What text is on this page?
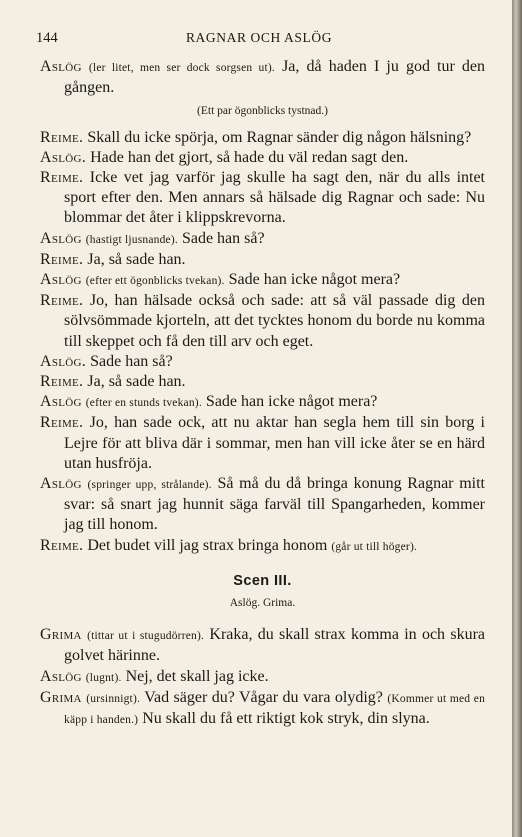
144	RAGNAR OCH ASLÖG

Aslög (ler litet, men ser dock sorgsen ut). Ja, då haden I ju god tur den gången.

(Ett par ögonblicks tystnad.)

Reime. Skall du icke spörja, om Ragnar sänder dig någon hälsning?

Aslög. Hade han det gjort, så hade du väl redan sagt den.

Reime. Icke vet jag varför jag skulle ha sagt den, när du alls intet sport efter den. Men annars så hälsade dig Ragnar och sade: Nu blommar det åter i klippskrevorna.

Aslög (hastigt ljusnande). Sade han så?

Reime. Ja, så sade han.

Aslög (efter ett ögonblicks tvekan). Sade han icke något mera?

Reime. Jo, han hälsade också och sade: att så väl passade dig den sölvsömmade kjorteln, att det tycktes honom du borde nu komma till skeppet och få den till arv och eget.

Aslög. Sade han så?

Reime. Ja, så sade han.

Aslög (efter en stunds tvekan). Sade han icke något mera?

Reime. Jo, han sade ock, att nu aktar han segla hem till sin borg i Lejre för att bliva där i sommar, men han vill icke åter se en härd utan husfröja.

Aslög (springer upp, strålande). Så må du då bringa konung Ragnar mitt svar: så snart jag hunnit säga farväl till Spangarheden, kommer jag till honom.

Reime. Det budet vill jag strax bringa honom (går ut till höger).

Scen III.
Aslög. Grima.

Grima (tittar ut i stugudörren). Kraka, du skall strax komma in och skura golvet härinne.

Aslög (lugnt). Nej, det skall jag icke.

Grima (ursinnigt). Vad säger du? Vågar du vara olydig? (Kommer ut med en käpp i handen.) Nu skall du få ett riktigt kok stryk, din slyna.
